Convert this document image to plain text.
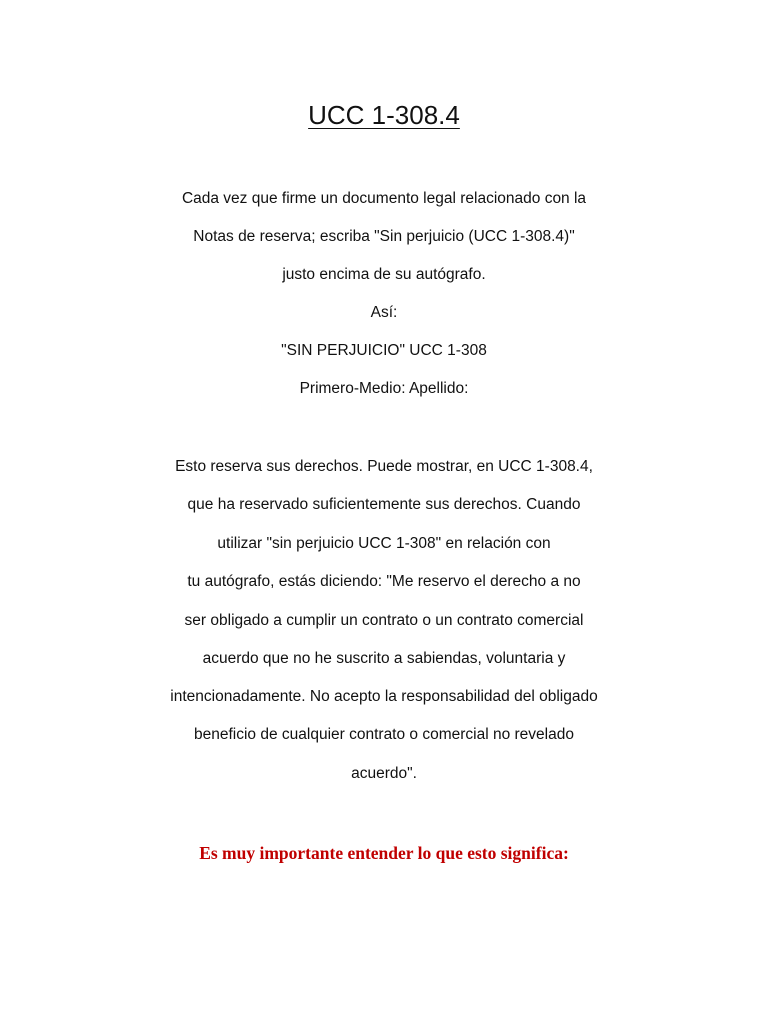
UCC 1-308.4
Cada vez que firme un documento legal relacionado con la
Notas de reserva; escriba "Sin perjuicio (UCC 1-308.4)"
justo encima de su autógrafo.
Así:
"SIN PERJUICIO" UCC 1-308
Primero-Medio: Apellido:
Esto reserva sus derechos. Puede mostrar, en UCC 1-308.4,
que ha reservado suficientemente sus derechos. Cuando
utilizar "sin perjuicio UCC 1-308" en relación con
tu autógrafo, estás diciendo: "Me reservo el derecho a no
ser obligado a cumplir un contrato o un contrato comercial
acuerdo que no he suscrito a sabiendas, voluntaria y
intencionadamente. No acepto la responsabilidad del obligado
beneficio de cualquier contrato o comercial no revelado
acuerdo".
Es muy importante entender lo que esto significa:
